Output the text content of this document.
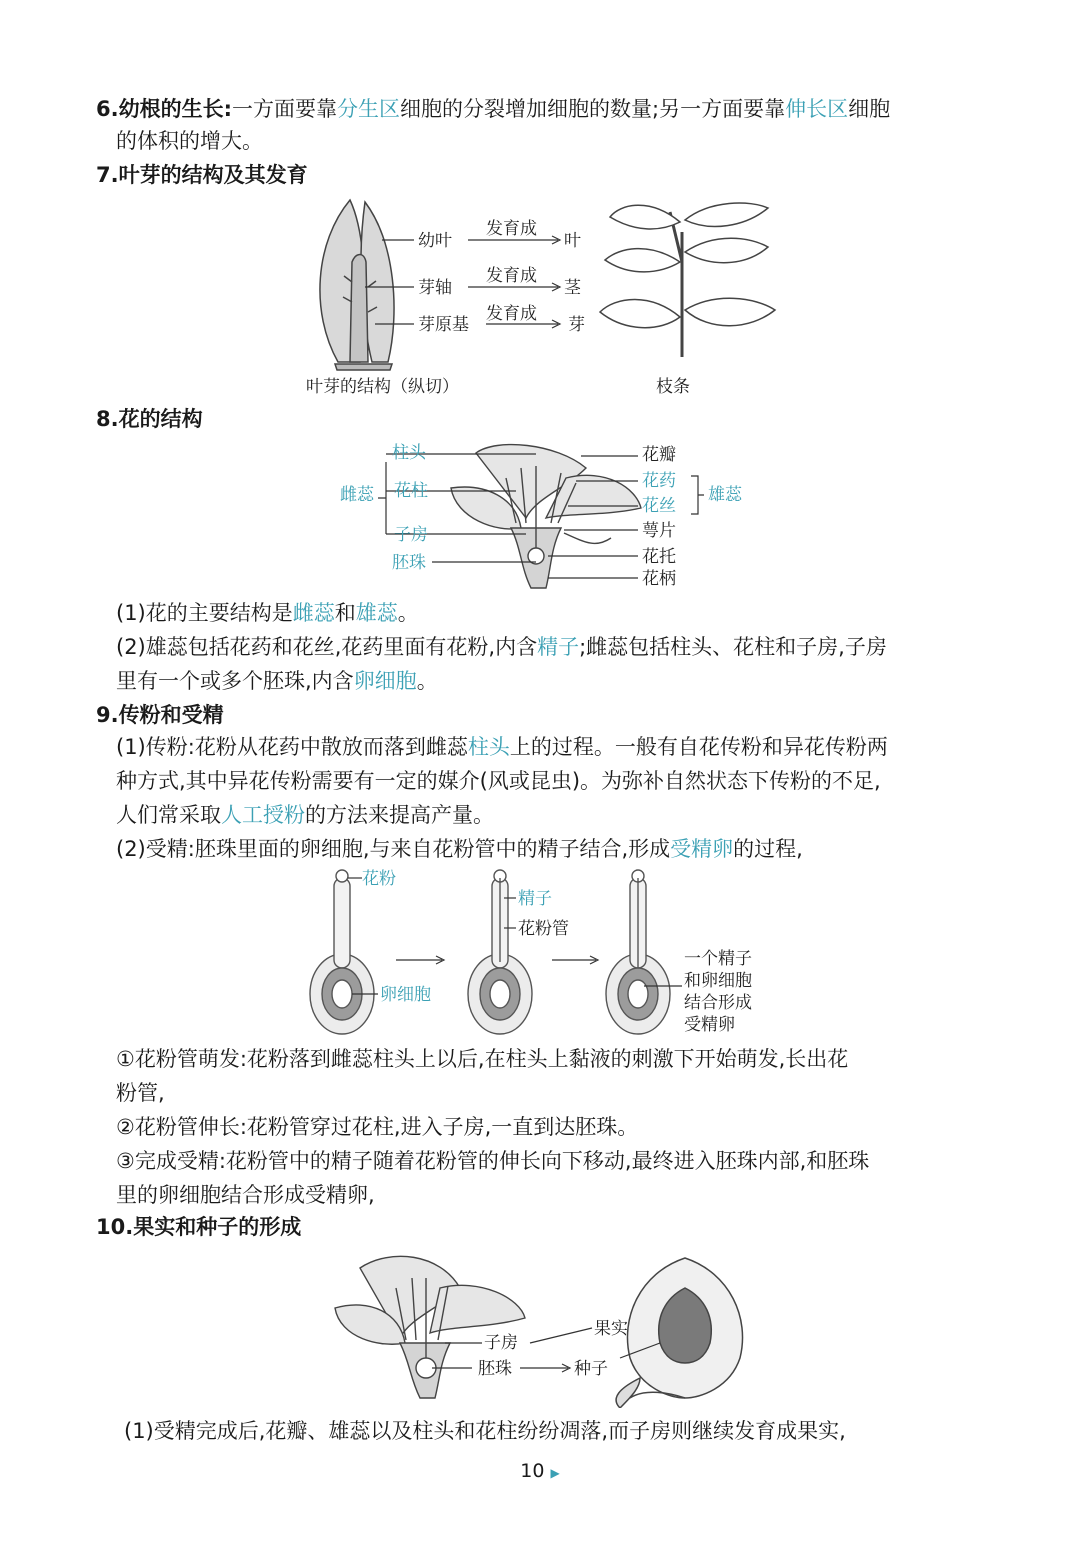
6.幼根的生长:一方面要靠分生区细胞的分裂增加细胞的数量;另一方面要靠伸长区细胞
的体积的增大。
7.叶芽的结构及其发育
幼叶
芽轴
芽原基
发育成
发育成
发育成
叶
茎
芽
叶芽的结构（纵切）	枝条
8.花的结构
柱头
花柱
子房
胚珠
雌蕊
花瓣
花药
花丝
萼片
花托
花柄
雄蕊
(1)花的主要结构是雌蕊和雄蕊。
(2)雄蕊包括花药和花丝,花药里面有花粉,内含精子;雌蕊包括柱头、花柱和子房,子房
里有一个或多个胚珠,内含卵细胞。
9.传粉和受精
(1)传粉:花粉从花药中散放而落到雌蕊柱头上的过程。一般有自花传粉和异花传粉两
种方式,其中异花传粉需要有一定的媒介(风或昆虫)。为弥补自然状态下传粉的不足,
人们常采取人工授粉的方法来提高产量。
(2)受精:胚珠里面的卵细胞,与来自花粉管中的精子结合,形成受精卵的过程,
花粉
卵细胞
精子
花粉管
一个精子
和卵细胞
结合形成
受精卵
①花粉管萌发:花粉落到雌蕊柱头上以后,在柱头上黏液的刺激下开始萌发,长出花
粉管,
②花粉管伸长:花粉管穿过花柱,进入子房,一直到达胚珠。
③完成受精:花粉管中的精子随着花粉管的伸长向下移动,最终进入胚珠内部,和胚珠
里的卵细胞结合形成受精卵,
10.果实和种子的形成
子房
果实
胚珠	种子
(1)受精完成后,花瓣、雄蕊以及柱头和花柱纷纷凋落,而子房则继续发育成果实,
10 ▶
